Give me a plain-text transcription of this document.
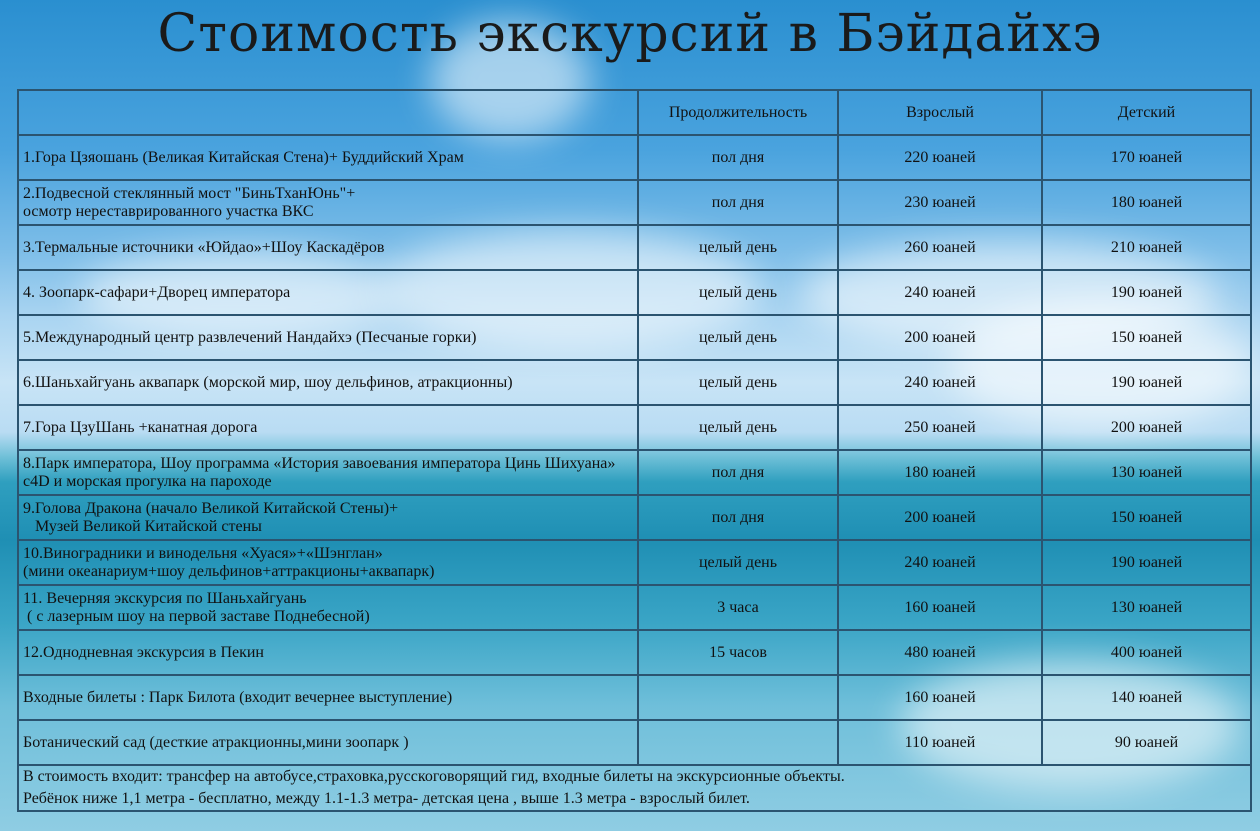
Стоимость экскурсий в Бэйдайхэ
	Продолжительность	Взрослый	Детский

1.Гора Цзяошань (Великая Китайская Стена)+ Буддийский Храм	пол дня	220 юаней	170 юаней

2.Подвесной стеклянный мост "БиньТханЮнь"+
осмотр нереставрированного участка ВКС	пол дня	230 юаней	180 юаней

3.Термальные источники «Юйдао»+Шоу Каскадёров	целый день	260 юаней	210 юаней

4. Зоопарк-сафари+Дворец императора	целый день	240 юаней	190 юаней

5.Международный центр развлечений Нандайхэ (Песчаные горки)	целый день	200 юаней	150 юаней

6.Шаньхайгуань аквапарк (морской мир, шоу дельфинов, атракционны)	целый день	240 юаней	190 юаней

7.Гора ЦзуШань +канатная дорога	целый день	250 юаней	200 юаней

8.Парк императора, Шоу программа «История завоевания императора Цинь Шихуана»
с4D и морская прогулка на пароходе	пол дня	180 юаней	130 юаней

9.Голова Дракона (начало Великой Китайской Стены)+
Музей Великой Китайской стены	пол дня	200 юаней	150 юаней

10.Виноградники и винодельня «Хуася»+«Шэнглан»
(мини океанариум+шоу дельфинов+аттракционы+аквапарк)	целый день	240 юаней	190 юаней

11. Вечерняя экскурсия по Шаньхайгуань
( с лазерным шоу на первой заставе Поднебесной)	3 часа	160 юаней	130 юаней

12.Однодневная экскурсия в Пекин	15 часов	480 юаней	400 юаней

Входные билеты : Парк Билота (входит вечернее выступление)		160 юаней	140 юаней

Ботанический сад (десткие атракционны,мини зоопарк )		110 юаней	90 юаней

В стоимость входит: трансфер на автобусе,страховка,русскоговорящий гид, входные билеты на экскурсионные объекты.
Ребёнок ниже 1,1 метра - бесплатно, между 1.1-1.3 метра- детская цена , выше 1.3 метра - взрослый билет.			
